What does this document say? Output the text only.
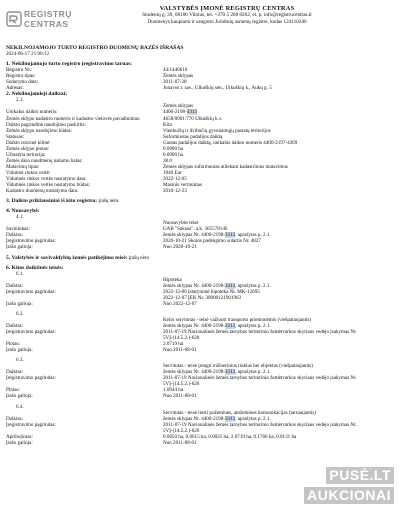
REGISTRŲ
CENTRAS
VALSTYBĖS ĮMONĖ REGISTRŲ CENTRAS
Studentų g. 39, 08106 Vilnius, tel. +370 5 268 8262, el. p. info@registrucentras.lt
Duomenys kaupiami ir saugomi Juridinių asmenų registre, kodas 124110246
NEKILNOJAMOJO TURTO REGISTRO DUOMENŲ BAZĖS IŠRAŠAS
2024-06-17 21:08:12
1. Nekilnojamojo turto registro įregistravimo tarnas:
Registro Nr.:	44/1440610
Registro tipas:	Žemės sklypas
Sudarymo data:	2011-07-28
Adresas:	Jonavos r. sav., Ulkuškių sen., Ulkuškių k., Aukų g. 5
2. Nekilnojamieji daiktai:
2.1.
Žemės sklypas
Unikalus daikto numeris:	4400-2198-3313
Žemės sklypo kadastro numeris ir kadastro vietovės pavadinimas:	4658/0001:770 Ulkuškių k.v.
Daikto pagrindinė naudojimo paskirtis:	Kita
Žemės sklypo naudojimo būdas:	Vienbučių ir dvibučių gyvenamųjų pastatų teritorijos
Statusas:	Suformuotas padalijus daiktą
Daikto istorinė kilmė:	Gautas padalijus daiktą, unikalus daikto numeris 4400-2197-4369
Žemės sklypo plotas:	0.0900 ha
Užstatyta teritorija:	0.0900 ha
Žemės ūkio naudmenų našumo balas:	38.0
Matavimų tipas:	Žemės sklypas suformuotas atliekant kadastrinius matavimus
Vidutinė rinkos vertė:	1840 Eur
Vidutinės rinkos vertės nustatymo data:	2022-12-05
Vidutinės rinkos vertės nustatymo būdas:	Masinis vertinimas
Kadastro duomenų nustatymo data:	2010-12-23
3. Daikto priklausiniai iš kito registro: įrašų nėra
4. Nuosavybė:
4.1.
Nuosavybės teisė
Savininkas:	UAB "Saksos", a.k. 305578146
Daiktas:	žemės sklypas Nr. 4400-2198-3313, aprašytas p. 2.1.
Įregistravimo pagrindas:	2020-10-21 Skolos padengimo sutartis Nr. 4827
Įrašo galioja:	Nuo 2020-10-21
5. Valstybės ir savivaldybių žemės patikėjimo teisė: įrašų nėra
6. Kitos daiktinės teisės:
6.1.
Hipoteka
Daiktas:	žemės sklypas Nr. 4400-2198-3313, aprašytas p. 2.1.
Įregistravimo pagrindas:	2022-12-06 Įstatyminė hipoteka Nr. MK-12695
2022-12-07 ĮEK Nr. 30000121901963
Įrašo galioja:	Nuo 2022-12-07
6.2.
Kelio servitutas - teisė važiuoti transporto priemonėmis (viešpataujantis)
Daiktas:	žemės sklypas Nr. 4400-2198-3313, aprašytas p. 2.1.
Įregistravimo pagrindas:	2011-07-19 Nacionalinės žemės tarnybos teritorinio žemėtvarkos skyriaus vedėjo įsakymas Nr.
5VĮ-(14.5.2.)-620
Plotas:	2.0719 ha
Įrašo galioja:	Nuo 2011-08-01
6.3.
Servitutas - teisė įrengti inžinerinius tinklus bei objektus (viešpataujantis)
Daiktas:	žemės sklypas Nr. 4400-2198-3313, aprašytas p. 2.1.
Įregistravimo pagrindas:	2011-07-19 Nacionalinės žemės tarnybos teritorinio žemėtvarkos skyriaus vedėjo įsakymas Nr.
5VĮ-(14.5.2.)-620
Plotas:	1.0944 ha
Įrašo galioja:	Nuo 2011-08-01
6.4.
Servitutas - teisė tiesti požemines, antžemines komunikacijas (tarnaujantis)
Daiktas:	žemės sklypas Nr. 4400-2198-3313, aprašytas p. 2.1.
Įregistravimo pagrindas:	2011-07-19 Nacionalinės žemės tarnybos teritorinio žemėtvarkos skyriaus vedėjo įsakymas Nr.
5VĮ-(14.5.2.)-620
Apribojimas:	0.0850 ha, 0.0615 ha, 0.0025 ha, 2.0719 ha, 0.1760 ha, 0.0131 ha
Įrašo galioja:	Nuo 2011-08-01
PUSĖ.LT
AUKCIONAI
